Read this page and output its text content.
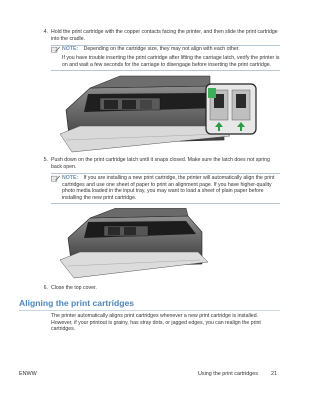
4. Hold the print cartridge with the copper contacts facing the printer, and then slide the print cartridge into the cradle.
NOTE: Depending on the cartridge size, they may not align with each other.
If you have trouble inserting the print cartridge after lifting the carriage latch, verify the printer is on and wait a few seconds for the carriage to disengage before inserting the print cartridge.
5. Push down on the print cartridge latch until it snaps closed. Make sure the latch does not spring back open.
NOTE: If you are installing a new print cartridge, the printer will automatically align the print cartridges and use one sheet of paper to print an alignment page. If you have higher-quality photo media loaded in the input tray, you may want to load a sheet of plain paper before installing the new print cartridge.
6. Close the top cover.
Aligning the print cartridges
The printer automatically aligns print cartridges whenever a new print cartridge is installed. However, if your printout is grainy, has stray dots, or jagged edges, you can realign the print cartridges.
ENWW	Using the print cartridges 21
